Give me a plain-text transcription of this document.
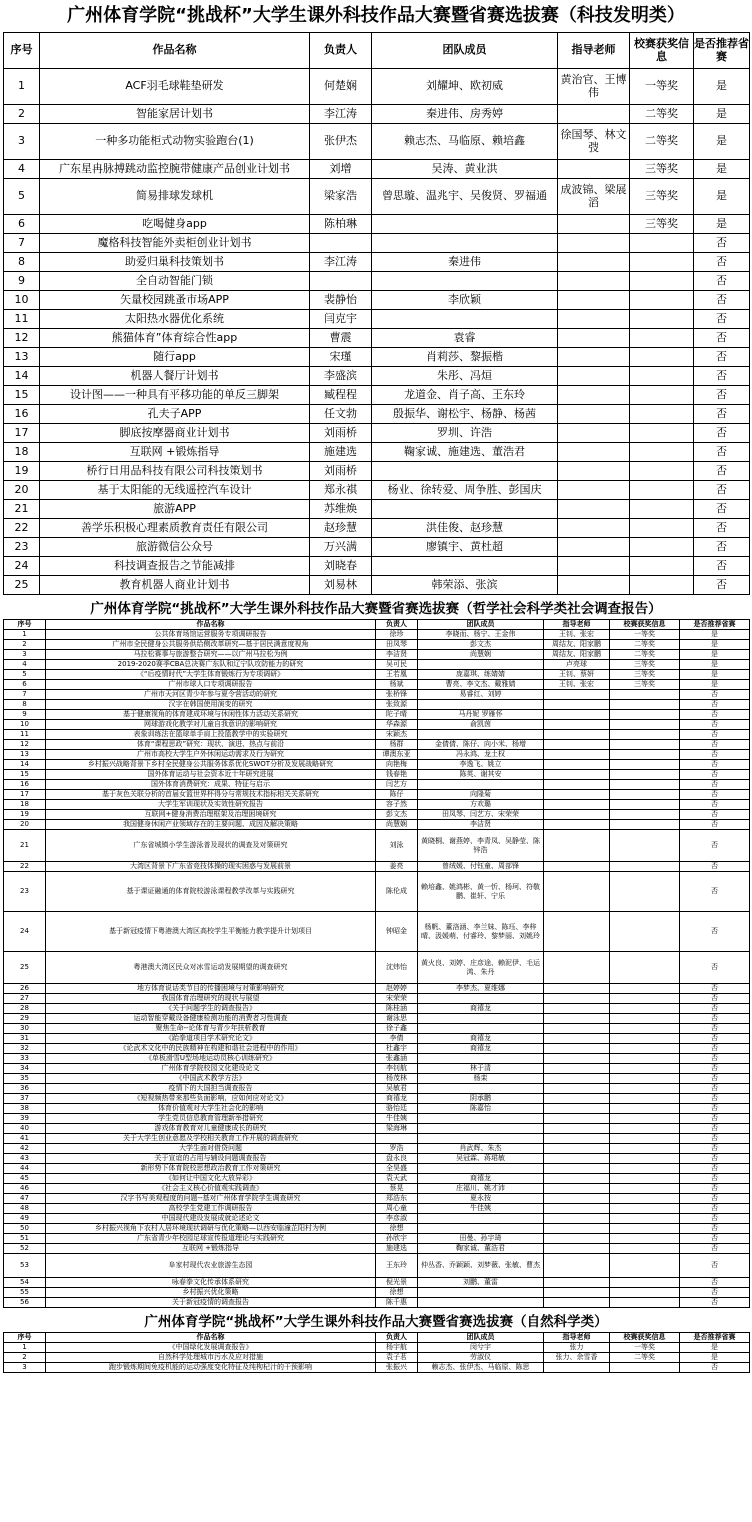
广州体育学院“挑战杯”大学生课外科技作品大赛暨省赛选拔赛（科技发明类）
序号	作品名称	负责人	团队成员	指导老师	校赛获奖信息	是否推荐省赛
1	ACF羽毛球鞋垫研发	何楚娴	刘耀坤、欧初威	黄治官、王博伟	一等奖	是
2	智能家居计划书	李江涛	秦进伟、房秀婷		二等奖	是
3	一种多功能柜式动物实验跑台(1)	张伊杰	赖志杰、马临原、赖培鑫	徐国琴、林文弢	二等奖	是
4	广东星冉脉搏跳动监控腕带健康产品创业计划书	刘增	吴涛、黄业洪		三等奖	是
5	简易排球发球机	梁家浩	曾思璇、温兆宇、吴俊贤、罗福通	成波锦、梁展滔	三等奖	是
6	吃喝健身app	陈柏琳			三等奖	是
7	魔格科技智能外卖柜创业计划书					否
8	助爱归巢科技策划书	李江涛	秦进伟			否
9	全自动智能门锁					否
10	矢量校园跳蚤市场APP	裴静怡	李欣颖			否
11	太阳热水器优化系统	闫克宇				否
12	熊猫体育”体育综合性app	曹震	袁睿			否
13	随行app	宋瑾	肖莉莎、黎振楷			否
14	机器人餐厅计划书	李盛滨	朱彤、冯烜			否
15	设计图——一种具有平移功能的单反三脚架	臧程程	龙道金、肖子高、王东玲			否
16	孔夫子APP	任文勃	殷振华、谢松宇、杨静、杨茜			否
17	脚底按摩器商业计划书	刘雨桥	罗圳、许浩			否
18	互联网 +锻炼指导	施建选	鞠家诚、施建选、董浩君			否
19	桥行日用品科技有限公司科技策划书	刘雨桥				否
20	基于太阳能的无线遥控汽车设计	郑永祺	杨业、徐转爱、周争胜、彭国庆			否
21	旅游APP	苏维焕				否
22	善学乐积极心理素质教育责任有限公司	赵珍慧	洪佳俊、赵珍慧			否
23	旅游微信公众号	万兴满	廖镇宇、黄杜超			否
24	科技调查报告之节能减排	刘晓春				否
25	教育机器人商业计划书	刘易林	韩荣添、张滨			否
广州体育学院“挑战杯”大学生课外科技作品大赛暨省赛选拔赛（哲学社会科学类社会调查报告）
序号	作品名称	负责人	团队成员	指导老师	校赛获奖信息	是否推荐省赛
1	公共体育场馆运营服务专项调研报告	徐珍	李晓而、杨宁、王金伟	王钊、张宏	一等奖	是
2	广州市全民健身公共服务供给侧改革研究—基于居民满意度视角	田凤琴	彭文杰	周结友、阳家鹏	二等奖	是
3	马拉松赛事与旅游整合研究——以广州马拉松为例	李洁贤	尚慧娴	周结友、阳家鹏	二等奖	是
4	2019-2020赛季CBA总决赛广东队和辽宁队攻防能力的研究	吴可民		卢亮球	三等奖	是
5	《“后疫情时代”大学生体育锻炼行为专项调研》	王若凰	庞嘉琪、练婧婧	王钊、蔡妍	三等奖	是
6	广州市球人口专项调研报告	杨斌	曹亮、李文杰、戴雅婧	王钊、张宏	三等奖	是
7	广州市天河区青少年参与夏令营活动的研究	张桥锋	易睿红、刘婷			否
8	汉字在韩国使用演变的研究	张致源				否
9	基于健康视角的体育建成环境与休闲性体力活动关系研究	陀子晴	马丹妮 罗雁怀			否
10	网球游戏化教学对儿童自我意识的影响研究	华森源	俞凯茵			否
11	表象训练法在篮球单手肩上投篮教学中的实验研究	宋颖杰				否
12	体育“课程思政”研究：现状、演进、热点与前沿	杨群	金倩倩、陈仔、向小米、杨增			否
13	广州市高校大学生户外休闲运动需求及行为研究	谭澳东亚	冯永鸿、龙土权			否
14	乡村振兴战略背景下乡村全民健身公共服务体系优化SWOT分析及发展战略研究	向艳梅	李逸飞、姚立			否
15	国外体育运动与社会资本近十年研究进展	钱春艳	陈英、谢其安			否
16	国外体育消费研究：成果、特征与启示	闫艺方				否
17	基于灰色关联分析的首届女篮世界杯得分与常规技术指标相关关系研究	陈仔	向隆菊			否
18	大学生军训现状及实效性研究报告	容子然	方欢璐			否
19	互联网+健身消费治理框架及治理困境研究	彭文杰	田凤琴、闫艺方、宋荣荣			否
20	我国健身休闲产业领域存在的主要问题、成因及解决策略	尚慧娴	李洁贤			否
21	广东省城镇小学生游泳普及现状的调查及对策研究	刘泳	黄晓桐、谢燕婷、李青凤、吴静莹、陈锌浩			否
22	大湾区背景下广东省竞技体操的现实困惑与发展前景	姜亮	曾绒媛、付钰童、周部锋			否
23	基于课证融通的体育院校游泳课程教学改革与实践研究	陈伦成	赖培鑫、姚鸿彬、黄一忻、杨珂、符敬鹏、崔轩、宁乐			否
24	基于新冠疫情下粤港澳大湾区高校学生平衡能力教学提升计划项目	钟昭金	杨帆、董洛涵、李兰妹、陈珏、李梓晴、汲媛萌、付睿玲、黎梦丽、刘姚玲			否
25	粤港澳大湾区民众对冰雪运动发展期望的调查研究	沈炜怡	黄火良、刘婷、庄彦途、赖泥伊、毛运鸿、朱丹			否
26	地方体育说话类节目的传播困境与对策影响研究	赵婷婷	李梦杰、夏维娜			否
27	我国体育治理研究的现状与展望	宋荣荣				否
28	《关于问题学生的调查报告》	陈桂涵	商禧龙			否
29	运动智能穿戴设备健康检测功能的消费者习性调查	谢泳思				否
30	聚焦生命--论体育与青少年扶析教育	徐子鑫				否
31	《跆拳道项目学术研究论文》	李倩	商禧龙			否
32	《论武术文化中的民族精神在构建和谐社会进程中的作用》	杜鑫宇	商禧龙			否
33	《单板滑雪U型场地运动员核心训练研究》	张鑫涵				否
34	广州体育学院校园文化建设论文	李钊航	林于清			否
35	《中国武术教学方法》	杨茂林	杨栾			否
36	疫情下的大国担当调查报告	吴敏君				否
37	《短视频热带来那些负面影响，应如何应对论文》	商禧龙	阴承鹏			否
38	体育价值观对大学生社会化的影响	骆怡廷	陈嘉怡			否
39	学生党员信息教育管理新举措研究	牛佳姨				否
40	游戏体育教育对儿童健康成长的研究	梁海琳				否
41	关于大学生创业意愿及学校相关教育工作开展的调查研究					否
42	大学生面对借贷问题	罗浩	肖武辉、朱杰			否
43	关于宣谊的占用与辅设问题调查报告	盘永良	吴冠霖、蒋珺敏			否
44	新形势下体育院校思想政治教育工作对策研究	全昊盛				否
45	《如何让中国文化大放异彩》	袁天武	商禧龙			否
46	《社会主义核心价值观实践调查》	蔡晃	庄福川、姚才沛			否
47	汉字书写美观程度的问题--基对广州体育学院学生调查研究	郑浩东	夏永按			否
48	高校学生党建工作调研报告	周心童	牛佳姨			否
49	中国现代建设发展成就论述论文	李彦淑				否
50	乡村振兴视角下农村人居环境现状调研与优化策略—以西安临潼芷阳村为例	徐想				否
51	广东省青少年校园足球宣传报道理论与实践研究	孙欣宇	田曼、孙宇琦			否
52	互联网 +锻炼指导	施建选	鞠家诚、董浩君			否
53	阜家村现代农业旅游生态园	王东玲	仲丛香、乔颖颖、刘梦薇、张敏、曹杰			否
54	咏春拳文化传承体系研究	倪光景	刘鹏、董雷			否
55	乡村振兴优化策略	徐想				否
56	关于新冠疫情的调查报告	陈千惠				否
广州体育学院“挑战杯”大学生课外科技作品大赛暨省赛选拔赛（自然科学类）
序号	作品名称	负责人	团队成员	指导老师	校赛获奖信息	是否推荐省赛
1	《中国绿化发展调查报告》	杨宇航	闵兮宇	张力	一等奖	是
2	自然科学处理城市污水及应对措施	袁子茗	劳淑仪	张力、余雪香	二等奖	是
3	跑步锻炼期间免疫机能的运动强度变化特征及纯枸杞汁的干预影响	张振兴	赖志杰、张伊杰、马临原、陈思			否
